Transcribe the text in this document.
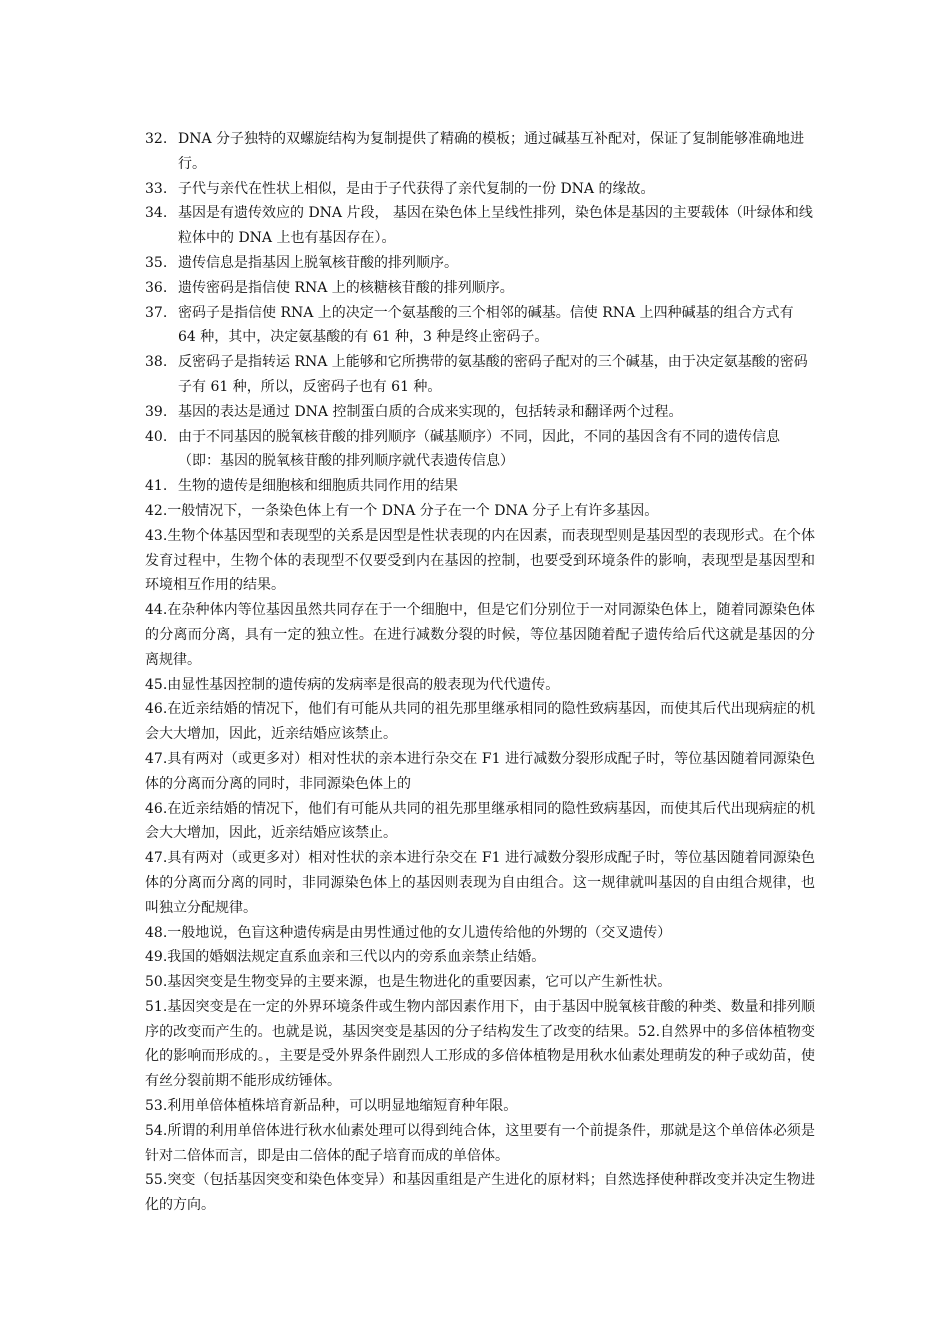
32. DNA 分子独特的双螺旋结构为复制提供了精确的模板；通过碱基互补配对，保证了复制能够准确地进行。
33. 子代与亲代在性状上相似，是由于子代获得了亲代复制的一份 DNA 的缘故。
34. 基因是有遗传效应的 DNA 片段， 基因在染色体上呈线性排列，染色体是基因的主要载体（叶绿体和线粒体中的 DNA 上也有基因存在）。
35. 遗传信息是指基因上脱氧核苷酸的排列顺序。
36. 遗传密码是指信使 RNA 上的核糖核苷酸的排列顺序。
37. 密码子是指信使 RNA 上的决定一个氨基酸的三个相邻的碱基。信使 RNA 上四种碱基的组合方式有 64 种，其中，决定氨基酸的有 61 种，3 种是终止密码子。
38. 反密码子是指转运 RNA 上能够和它所携带的氨基酸的密码子配对的三个碱基，由于决定氨基酸的密码子有 61 种，所以，反密码子也有 61 种。
39. 基因的表达是通过 DNA 控制蛋白质的合成来实现的，包括转录和翻译两个过程。
40. 由于不同基因的脱氧核苷酸的排列顺序（碱基顺序）不同，因此，不同的基因含有不同的遗传信息（即：基因的脱氧核苷酸的排列顺序就代表遗传信息）
41. 生物的遗传是细胞核和细胞质共同作用的结果

42.一般情况下，一条染色体上有一个 DNA 分子在一个 DNA 分子上有许多基因。

43.生物个体基因型和表现型的关系是因型是性状表现的内在因素，而表现型则是基因型的表现形式。在个体发育过程中，生物个体的表现型不仅要受到内在基因的控制，也要受到环境条件的影响，表现型是基因型和环境相互作用的结果。

44.在杂种体内等位基因虽然共同存在于一个细胞中，但是它们分别位于一对同源染色体上，随着同源染色体的分离而分离，具有一定的独立性。在进行减数分裂的时候，等位基因随着配子遗传给后代这就是基因的分离规律。

45.由显性基因控制的遗传病的发病率是很高的般表现为代代遗传。

46.在近亲结婚的情况下，他们有可能从共同的祖先那里继承相同的隐性致病基因，而使其后代出现病症的机会大大增加，因此，近亲结婚应该禁止。

47.具有两对（或更多对）相对性状的亲本进行杂交在 F1 进行减数分裂形成配子时，等位基因随着同源染色体的分离而分离的同时，非同源染色体上的

46.在近亲结婚的情况下，他们有可能从共同的祖先那里继承相同的隐性致病基因，而使其后代出现病症的机会大大增加，因此，近亲结婚应该禁止。

47.具有两对（或更多对）相对性状的亲本进行杂交在 F1 进行减数分裂形成配子时，等位基因随着同源染色体的分离而分离的同时，非同源染色体上的基因则表现为自由组合。这一规律就叫基因的自由组合规律，也叫独立分配规律。

48.一般地说，色盲这种遗传病是由男性通过他的女儿遗传给他的外甥的（交叉遗传）

49.我国的婚姻法规定直系血亲和三代以内的旁系血亲禁止结婚。

50.基因突变是生物变异的主要来源，也是生物进化的重要因素，它可以产生新性状。

51.基因突变是在一定的外界环境条件或生物内部因素作用下，由于基因中脱氧核苷酸的种类、数量和排列顺序的改变而产生的。也就是说，基因突变是基因的分子结构发生了改变的结果。52.自然界中的多倍体植物变化的影响而形成的。，主要是受外界条件剧烈人工形成的多倍体植物是用秋水仙素处理萌发的种子或幼苗，使有丝分裂前期不能形成纺锤体。

53.利用单倍体植株培育新品种，可以明显地缩短育种年限。

54.所谓的利用单倍体进行秋水仙素处理可以得到纯合体，这里要有一个前提条件，那就是这个单倍体必须是针对二倍体而言，即是由二倍体的配子培育而成的单倍体。

55.突变（包括基因突变和染色体变异）和基因重组是产生进化的原材料；自然选择使种群改变并决定生物进化的方向。
